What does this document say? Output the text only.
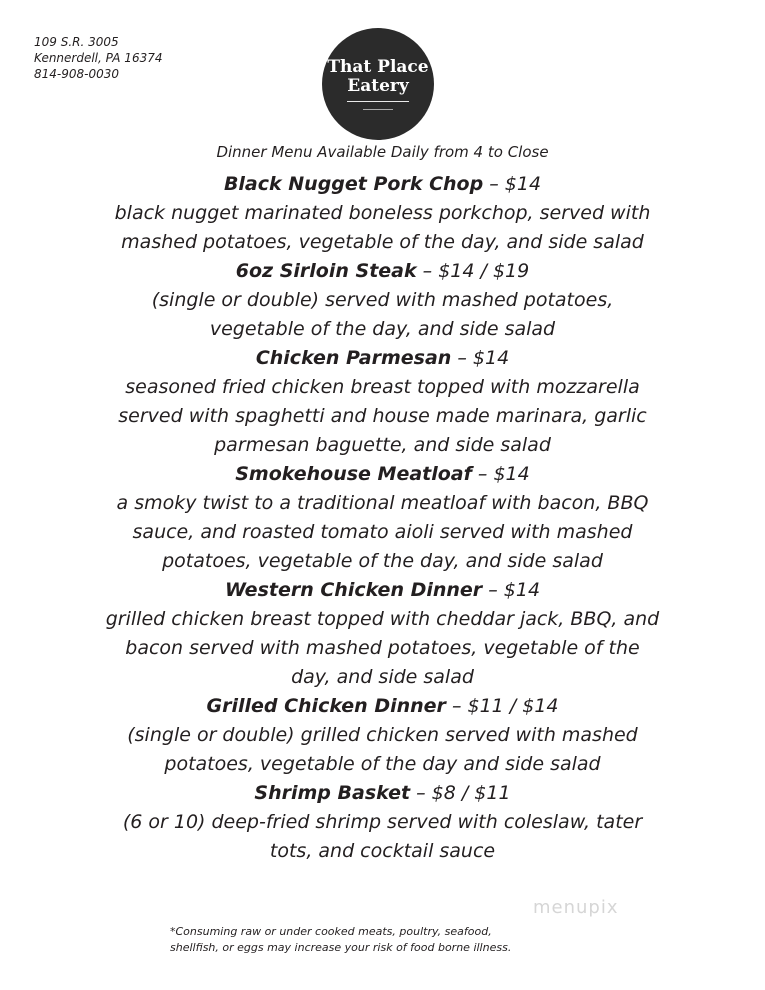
109 S.R. 3005
Kennerdell, PA 16374
814-908-0030	That Place
Eatery
Dinner Menu Available Daily from 4 to Close
Black Nugget Pork Chop – $14
black nugget marinated boneless porkchop, served with
mashed potatoes, vegetable of the day, and side salad
6oz Sirloin Steak – $14 / $19
(single or double) served with mashed potatoes,
vegetable of the day, and side salad
Chicken Parmesan – $14
seasoned fried chicken breast topped with mozzarella
served with spaghetti and house made marinara, garlic
parmesan baguette, and side salad
Smokehouse Meatloaf – $14
a smoky twist to a traditional meatloaf with bacon, BBQ
sauce, and roasted tomato aioli served with mashed
potatoes, vegetable of the day, and side salad
Western Chicken Dinner – $14
grilled chicken breast topped with cheddar jack, BBQ, and
bacon served with mashed potatoes, vegetable of the
day, and side salad
Grilled Chicken Dinner – $11 / $14
(single or double) grilled chicken served with mashed
potatoes, vegetable of the day and side salad
Shrimp Basket – $8 / $11
(6 or 10) deep-fried shrimp served with coleslaw, tater
tots, and cocktail sauce
menupix
*Consuming raw or under cooked meats, poultry, seafood,
shellfish, or eggs may increase your risk of food borne illness.
